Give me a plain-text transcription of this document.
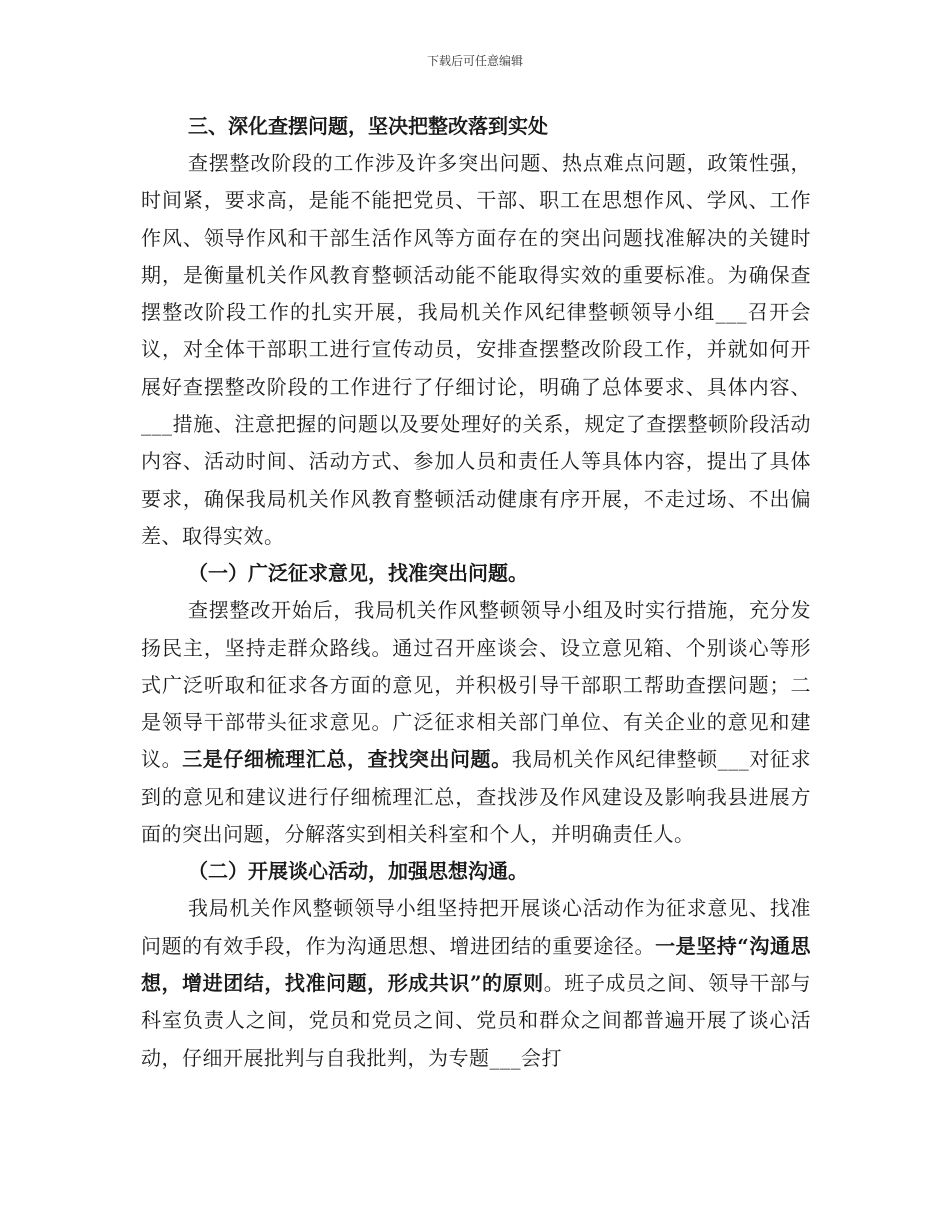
下载后可任意编辑

三、深化查摆问题，坚决把整改落到实处

查摆整改阶段的工作涉及许多突出问题、热点难点问题，政策性强，时间紧，要求高，是能不能把党员、干部、职工在思想作风、学风、工作作风、领导作风和干部生活作风等方面存在的突出问题找准解决的关键时期，是衡量机关作风教育整顿活动能不能取得实效的重要标准。为确保查摆整改阶段工作的扎实开展，我局机关作风纪律整顿领导小组___召开会议，对全体干部职工进行宣传动员，安排查摆整改阶段工作，并就如何开展好查摆整改阶段的工作进行了仔细讨论，明确了总体要求、具体内容、___措施、注意把握的问题以及要处理好的关系，规定了查摆整顿阶段活动内容、活动时间、活动方式、参加人员和责任人等具体内容，提出了具体要求，确保我局机关作风教育整顿活动健康有序开展，不走过场、不出偏差、取得实效。

（一）广泛征求意见，找准突出问题。

查摆整改开始后，我局机关作风整顿领导小组及时实行措施，充分发扬民主，坚持走群众路线。通过召开座谈会、设立意见箱、个别谈心等形式广泛听取和征求各方面的意见，并积极引导干部职工帮助查摆问题；二是领导干部带头征求意见。广泛征求相关部门单位、有关企业的意见和建议。三是仔细梳理汇总，查找突出问题。我局机关作风纪律整顿___对征求到的意见和建议进行仔细梳理汇总，查找涉及作风建设及影响我县进展方面的突出问题，分解落实到相关科室和个人，并明确责任人。

（二）开展谈心活动，加强思想沟通。

我局机关作风整顿领导小组坚持把开展谈心活动作为征求意见、找准问题的有效手段，作为沟通思想、增进团结的重要途径。一是坚持“沟通思想，增进团结，找准问题，形成共识”的原则。班子成员之间、领导干部与科室负责人之间，党员和党员之间、党员和群众之间都普遍开展了谈心活动，仔细开展批判与自我批判，为专题___会打
